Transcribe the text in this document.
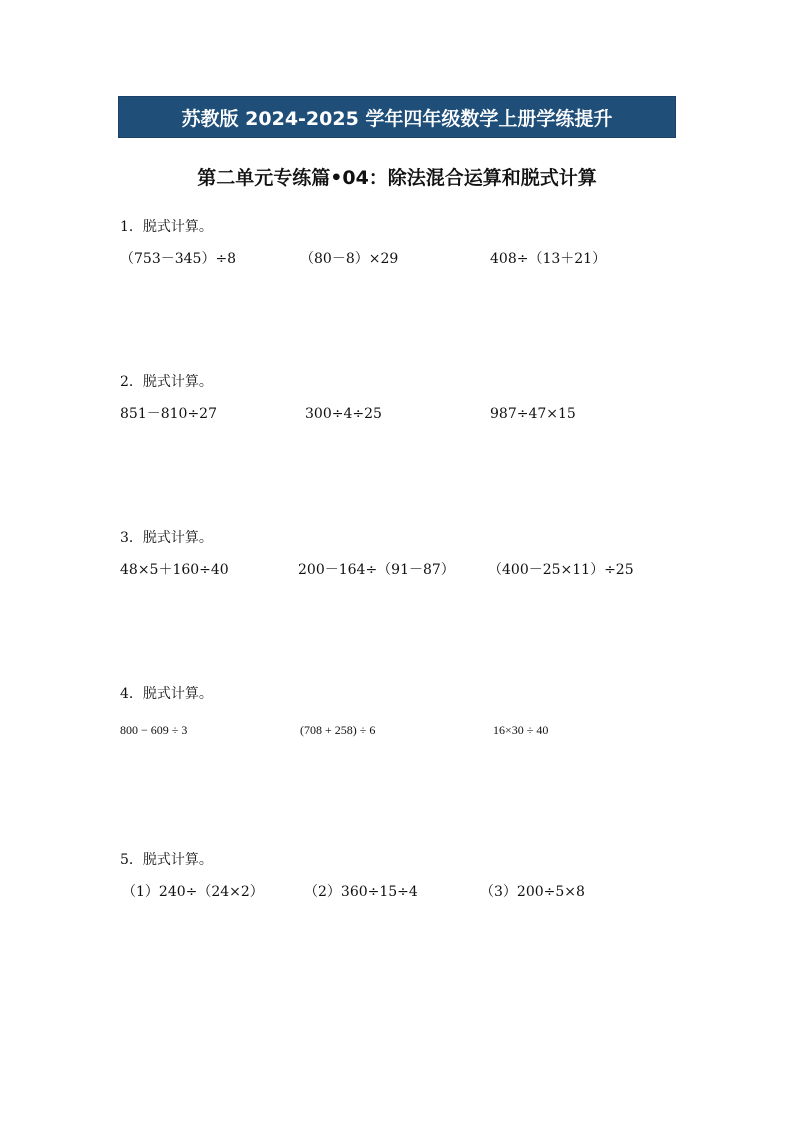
苏教版 2024-2025 学年四年级数学上册学练提升
第二单元专练篇•04：除法混合运算和脱式计算
1．脱式计算。
（753－345）÷8	（80－8）×29	408÷（13＋21）
2．脱式计算。
851－810÷27	300÷4÷25	987÷47×15
3．脱式计算。
48×5＋160÷40	200－164÷（91－87） （400－25×11）÷25
4．脱式计算。
800 − 609 ÷ 3	(708 + 258) ÷ 6	16×30 ÷ 40
5．脱式计算。
（1）240÷（24×2）	（2）360÷15÷4	（3）200÷5×8
